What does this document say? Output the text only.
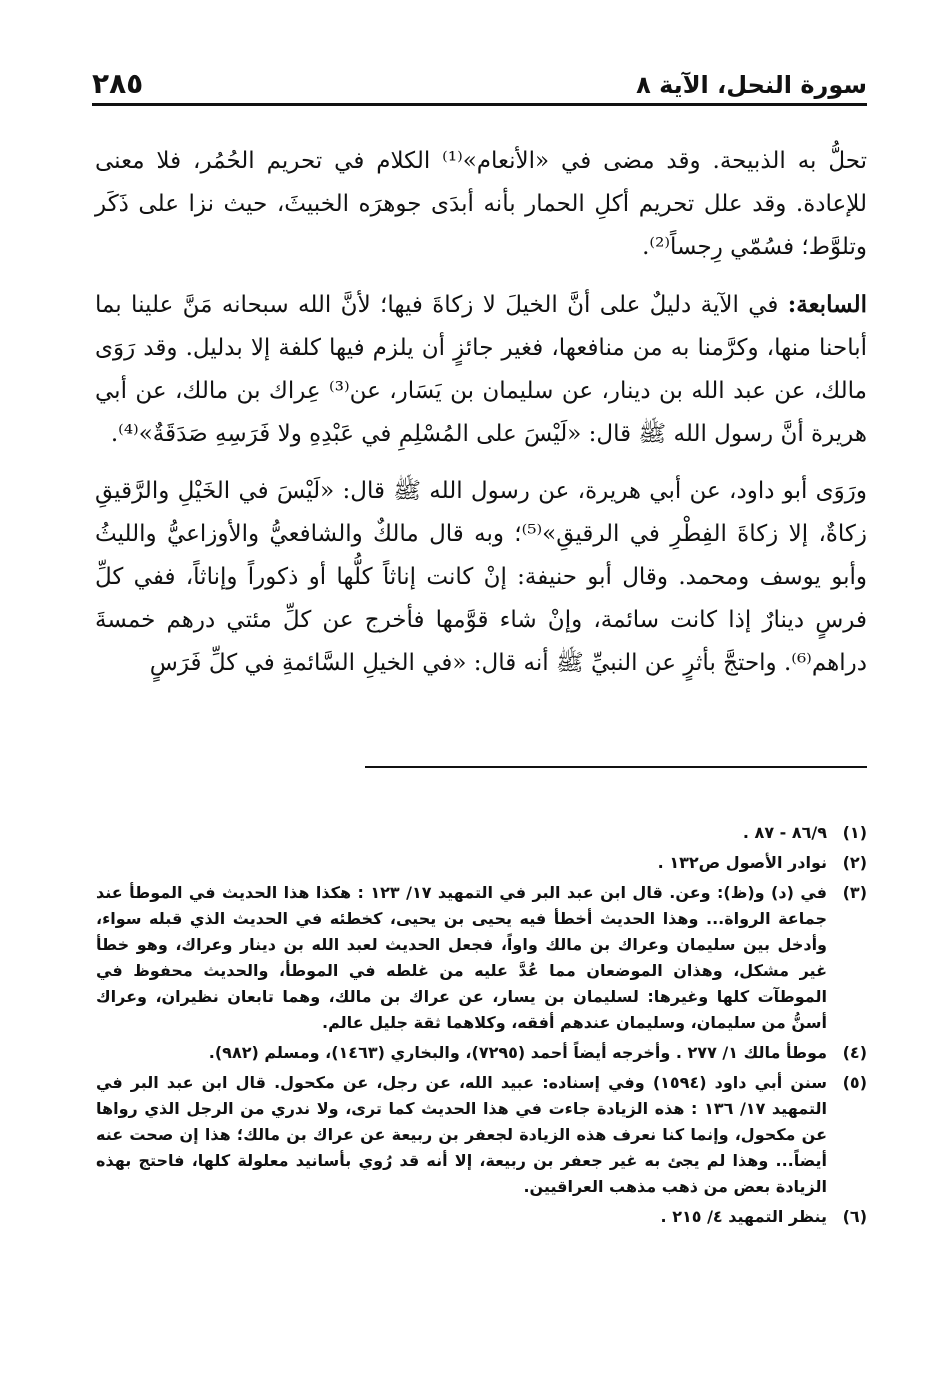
سورة النحل، الآية ٨
٢٨٥

تحلُّ به الذبيحة. وقد مضى في «الأنعام»⁽¹⁾ الكلام في تحريم الحُمُر، فلا معنى للإعادة. وقد علل تحريم أكلِ الحمار بأنه أبدَى جوهرَه الخبيثَ، حيث نزا على ذَكَر وتلوَّط؛ فسُمّي رِجساً⁽²⁾.

السابعة: في الآية دليلٌ على أنَّ الخيلَ لا زكاةَ فيها؛ لأنَّ الله سبحانه مَنَّ علينا بما أباحنا منها، وكرَّمنا به من منافعها، فغير جائزٍ أن يلزم فيها كلفة إلا بدليل. وقد رَوَى مالك، عن عبد الله بن دينار، عن سليمان بن يَسَار، عن⁽³⁾ عِراك بن مالك، عن أبي هريرة أنَّ رسول الله ﷺ قال: «لَيْسَ على المُسْلِمِ في عَبْدِهِ ولا فَرَسِهِ صَدَقَةٌ»⁽⁴⁾.

ورَوَى أبو داود، عن أبي هريرة، عن رسول الله ﷺ قال: «لَيْسَ في الخَيْلِ والرَّقيقِ زكاةٌ، إلا زكاةَ الفِطْرِ في الرقيقِ»⁽⁵⁾؛ وبه قال مالكٌ والشافعيُّ والأوزاعيُّ والليثُ وأبو يوسف ومحمد. وقال أبو حنيفة: إنْ كانت إناثاً كلُّها أو ذكوراً وإناثاً، ففي كلِّ فرسٍ دينارٌ إذا كانت سائمة، وإنْ شاء قوَّمها فأخرج عن كلِّ مئتي درهم خمسةَ دراهم⁽⁶⁾. واحتجَّ بأثرٍ عن النبيِّ ﷺ أنه قال: «في الخيلِ السَّائمةِ في كلِّ فَرَسٍ

(١)
٨٦/٩ - ٨٧ .

(٢)
نوادر الأصول ص١٣٢ .

(٣)
في (د) و(ظ): وعن. قال ابن عبد البر في التمهيد ١٧/ ١٢٣ : هكذا هذا الحديث في الموطأ عند جماعة الرواة... وهذا الحديث أخطأ فيه يحيى بن يحيى، كخطئه في الحديث الذي قبله سواء، وأدخل بين سليمان وعراك بن مالك واواً، فجعل الحديث لعبد الله بن دينار وعراك، وهو خطأ غير مشكل، وهذان الموضعان مما عُدَّ عليه من غلطه في الموطأ، والحديث محفوظ في الموطآت كلها وغيرها: لسليمان بن يسار، عن عراك بن مالك، وهما تابعان نظيران، وعراك أسنُّ من سليمان، وسليمان عندهم أفقه، وكلاهما ثقة جليل عالم.

(٤)
موطأ مالك ١/ ٢٧٧ . وأخرجه أيضاً أحمد (٧٢٩٥)، والبخاري (١٤٦٣)، ومسلم (٩٨٢).

(٥)
سنن أبي داود (١٥٩٤) وفي إسناده: عبيد الله، عن رجل، عن مكحول. قال ابن عبد البر في التمهيد ١٧/ ١٣٦ : هذه الزيادة جاءت في هذا الحديث كما ترى، ولا ندري من الرجل الذي رواها عن مكحول، وإنما كنا نعرف هذه الزيادة لجعفر بن ربيعة عن عراك بن مالك؛ هذا إن صحت عنه أيضاً... وهذا لم يجئ به غير جعفر بن ربيعة، إلا أنه قد رُوي بأسانيد معلولة كلها، فاحتج بهذه الزيادة بعض من ذهب مذهب العراقيين.

(٦)
ينظر التمهيد ٤/ ٢١٥ .
